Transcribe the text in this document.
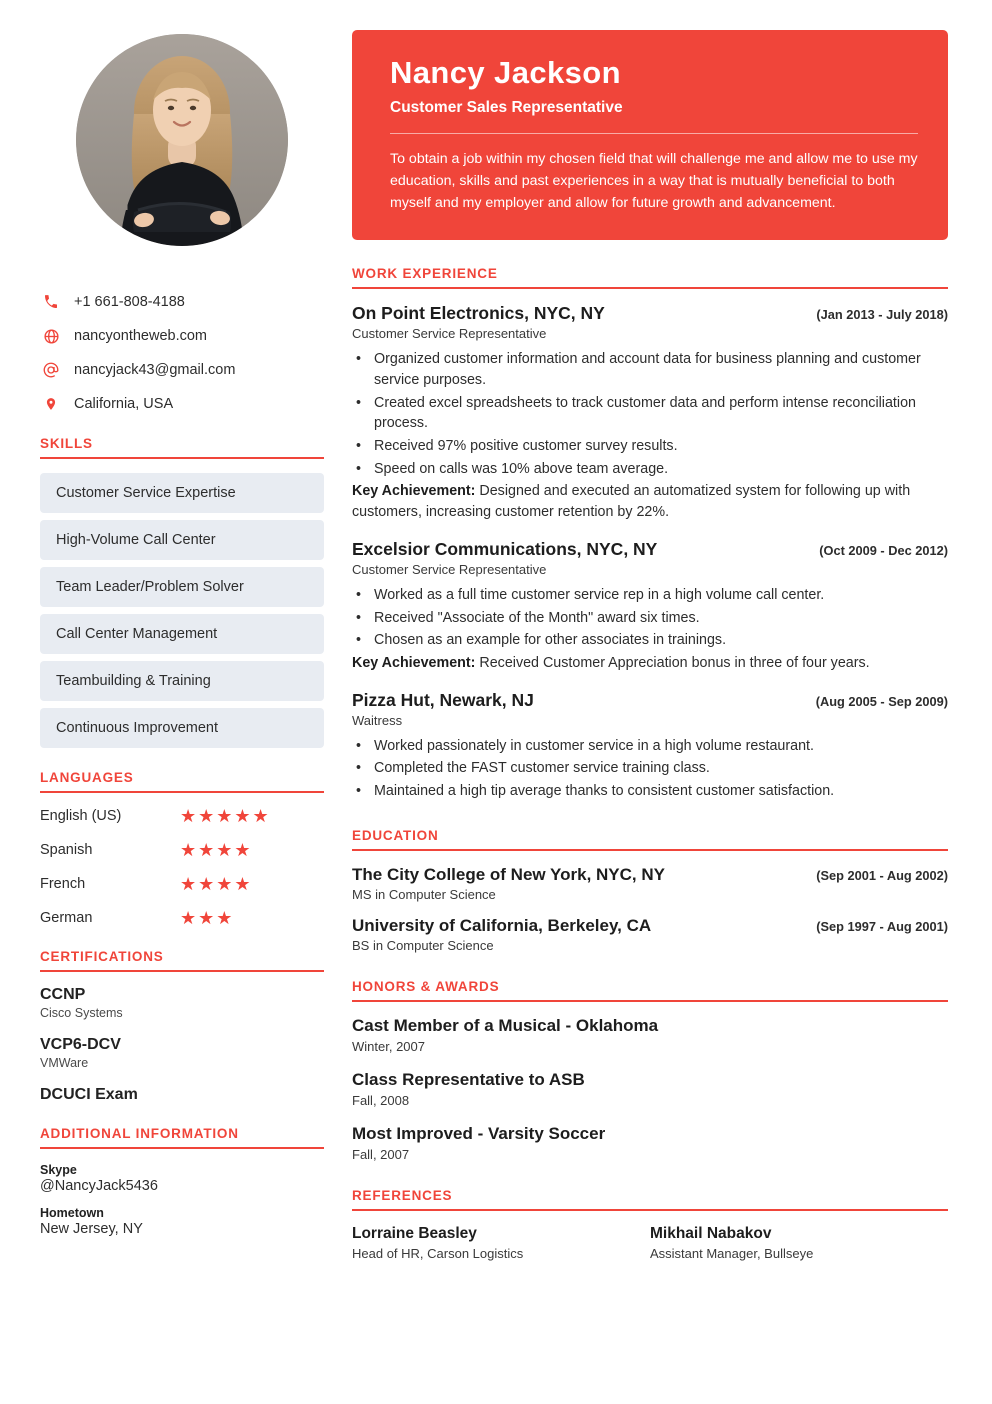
+1 661-808-4188
nancyontheweb.com
nancyjack43@gmail.com
California, USA
SKILLS
Customer Service Expertise
High-Volume Call Center
Team Leader/Problem Solver
Call Center Management
Teambuilding & Training
Continuous Improvement
LANGUAGES
English (US)	★★★★★
Spanish	★★★★
French	★★★★
German	★★★
CERTIFICATIONS
CCNP
Cisco Systems
VCP6-DCV
VMWare
DCUCI Exam
ADDITIONAL INFORMATION
Skype
@NancyJack5436
Hometown
New Jersey, NY
Nancy Jackson
Customer Sales Representative
To obtain a job within my chosen field that will challenge me and allow me to use my education, skills and past experiences in a way that is mutually beneficial to both myself and my employer and allow for future growth and advancement.
WORK EXPERIENCE
On Point Electronics, NYC, NY	(Jan 2013 - July 2018)
Customer Service Representative
• Organized customer information and account data for business planning and customer service purposes.
• Created excel spreadsheets to track customer data and perform intense reconciliation process.
• Received 97% positive customer survey results.
• Speed on calls was 10% above team average.
Key Achievement: Designed and executed an automatized system for following up with customers, increasing customer retention by 22%.
Excelsior Communications, NYC, NY	(Oct 2009 - Dec 2012)
Customer Service Representative
• Worked as a full time customer service rep in a high volume call center.
• Received "Associate of the Month" award six times.
• Chosen as an example for other associates in trainings.
Key Achievement: Received Customer Appreciation bonus in three of four years.
Pizza Hut, Newark, NJ	(Aug 2005 - Sep 2009)
Waitress
• Worked passionately in customer service in a high volume restaurant.
• Completed the FAST customer service training class.
• Maintained a high tip average thanks to consistent customer satisfaction.
EDUCATION
The City College of New York, NYC, NY	(Sep 2001 - Aug 2002)
MS in Computer Science
University of California, Berkeley, CA	(Sep 1997 - Aug 2001)
BS in Computer Science
HONORS & AWARDS
Cast Member of a Musical - Oklahoma
Winter, 2007
Class Representative to ASB
Fall, 2008
Most Improved - Varsity Soccer
Fall, 2007
REFERENCES
Lorraine Beasley
Head of HR, Carson Logistics
Mikhail Nabakov
Assistant Manager, Bullseye
